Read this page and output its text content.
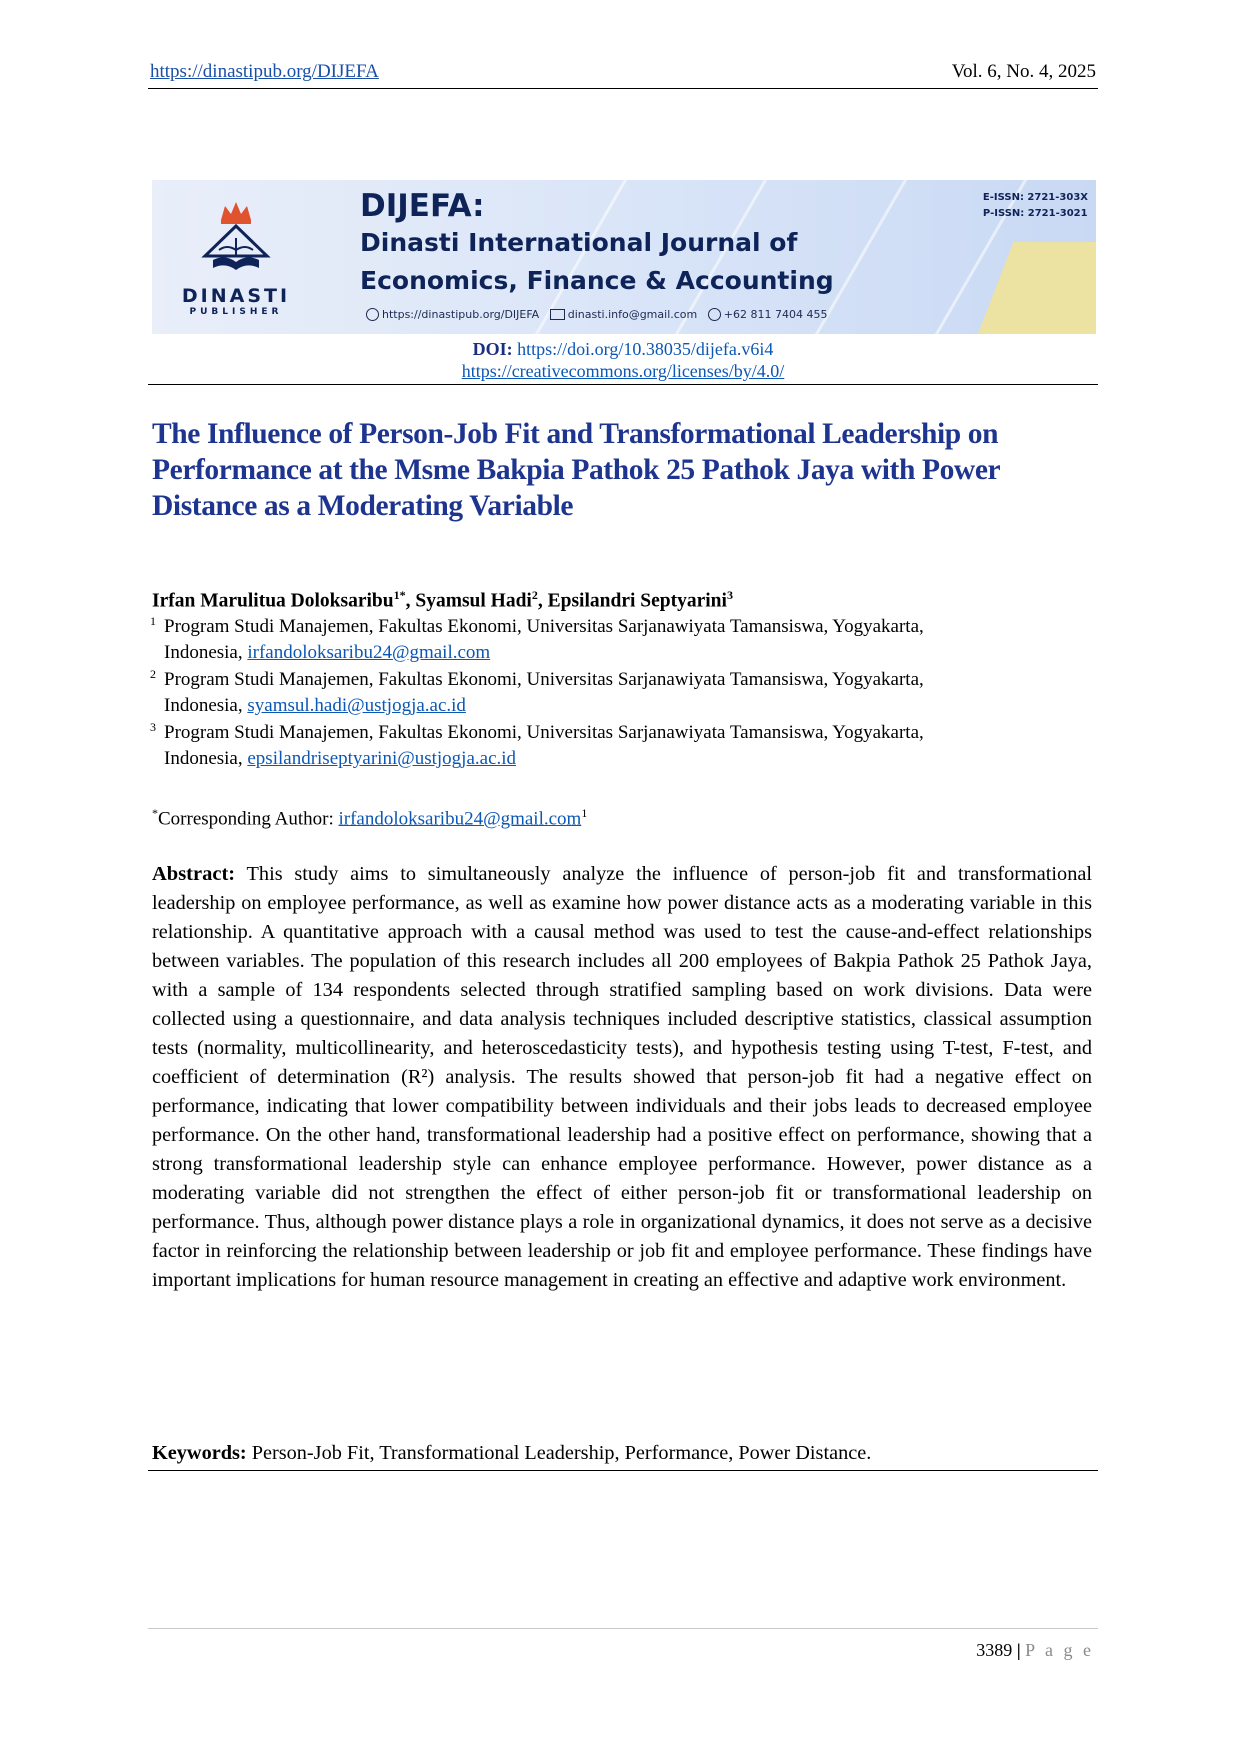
https://dinastipub.org/DIJEFA	Vol. 6, No. 4, 2025
DINASTI
PUBLISHER
DIJEFA:
Dinasti International Journal of
Economics, Finance & Accounting
https://dinastipub.org/DIJEFA	dinasti.info@gmail.com +62 811 7404 455
E-ISSN: 2721-303X
P-ISSN: 2721-3021
DOI: https://doi.org/10.38035/dijefa.v6i4
https://creativecommons.org/licenses/by/4.0/
The Influence of Person-Job Fit and Transformational Leadership on Performance at the Msme Bakpia Pathok 25 Pathok Jaya with Power Distance as a Moderating Variable
Irfan Marulitua Doloksaribu$^{1*}$, Syamsul Hadi$^2$, Epsilandri Septyarini$^3$
1 Program Studi Manajemen, Fakultas Ekonomi, Universitas Sarjanawiyata Tamansiswa, Yogyakarta,
Indonesia, irfandoloksaribu24@gmail.com
2 Program Studi Manajemen, Fakultas Ekonomi, Universitas Sarjanawiyata Tamansiswa, Yogyakarta,
Indonesia, syamsul.hadi@ustjogja.ac.id
3 Program Studi Manajemen, Fakultas Ekonomi, Universitas Sarjanawiyata Tamansiswa, Yogyakarta,
Indonesia, epsilandriseptyarini@ustjogja.ac.id
*Corresponding Author: irfandoloksaribu24@gmail.com$^1$
Abstract: This study aims to simultaneously analyze the influence of person-job fit and transformational leadership on employee performance, as well as examine how power distance acts as a moderating variable in this relationship. A quantitative approach with a causal method was used to test the cause-and-effect relationships between variables. The population of this research includes all 200 employees of Bakpia Pathok 25 Pathok Jaya, with a sample of 134 respondents selected through stratified sampling based on work divisions. Data were collected using a questionnaire, and data analysis techniques included descriptive statistics, classical assumption tests (normality, multicollinearity, and heteroscedasticity tests), and hypothesis testing using T-test, F-test, and coefficient of determination (R²) analysis. The results showed that person-job fit had a negative effect on performance, indicating that lower compatibility between individuals and their jobs leads to decreased employee performance. On the other hand, transformational leadership had a positive effect on performance, showing that a strong transformational leadership style can enhance employee performance. However, power distance as a moderating variable did not strengthen the effect of either person-job fit or transformational leadership on performance. Thus, although power distance plays a role in organizational dynamics, it does not serve as a decisive factor in reinforcing the relationship between leadership or job fit and employee performance. These findings have important implications for human resource management in creating an effective and adaptive work environment.
Keywords: Person-Job Fit, Transformational Leadership, Performance, Power Distance.
3389 | P a g e
